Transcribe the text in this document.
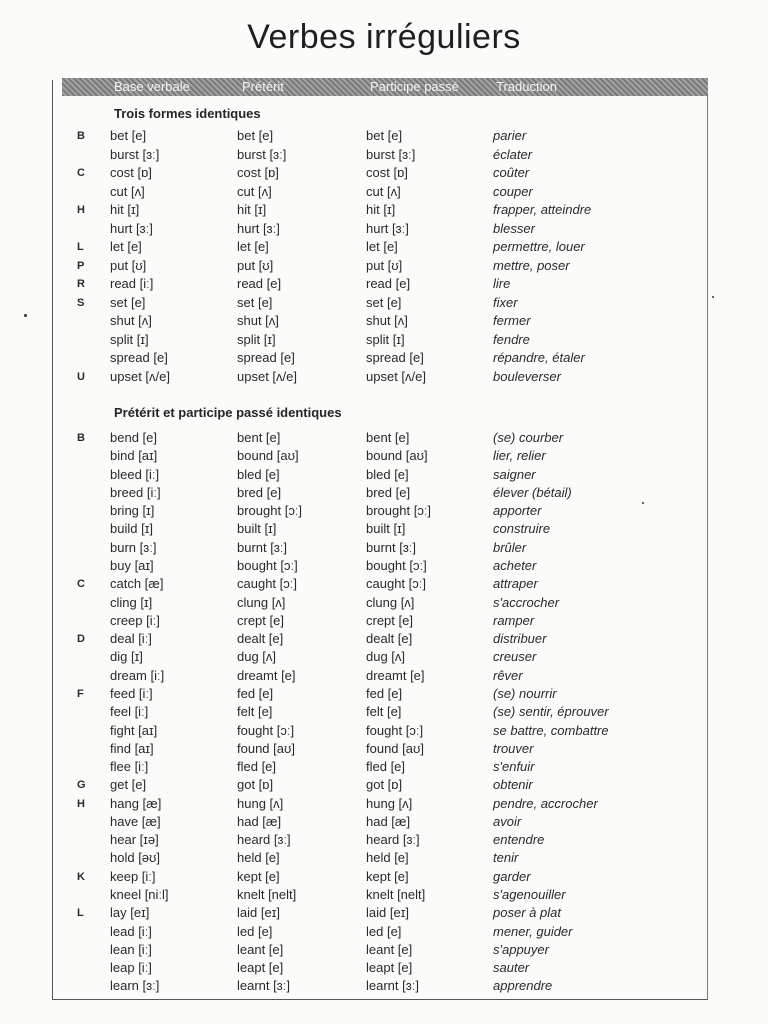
Verbes irréguliers
Base verbale	Prétérit	Participe passé	Traduction
Trois formes identiques
B bet [e]	bet [e]	bet [e]	parier
burst [ɜː]	burst [ɜː]	burst [ɜː]	éclater
C cost [ɒ]	cost [ɒ]	cost [ɒ]	coûter
cut [ʌ]	cut [ʌ]	cut [ʌ]	couper
H hit [ɪ]	hit [ɪ]	hit [ɪ]	frapper, atteindre
hurt [ɜː]	hurt [ɜː]	hurt [ɜː]	blesser
L let [e]	let [e]	let [e]	permettre, louer
P put [ʊ]	put [ʊ]	put [ʊ]	mettre, poser
R read [iː]	read [e]	read [e]	lire
S set [e]	set [e]	set [e]	fixer
shut [ʌ]	shut [ʌ]	shut [ʌ]	fermer
split [ɪ]	split [ɪ]	split [ɪ]	fendre
spread [e]	spread [e]	spread [e]	répandre, étaler
U upset [ʌ/e]	upset [ʌ/e]	upset [ʌ/e]	bouleverser
Prétérit et participe passé identiques
B bend [e]	bent [e]	bent [e]	(se) courber
bind [aɪ]	bound [aʊ]	bound [aʊ]	lier, relier
bleed [iː]	bled [e]	bled [e]	saigner
breed [iː]	bred [e]	bred [e]	élever (bétail)
bring [ɪ]	brought [ɔː]	brought [ɔː]	apporter
build [ɪ]	built [ɪ]	built [ɪ]	construire
burn [ɜː]	burnt [ɜː]	burnt [ɜː]	brûler
buy [aɪ]	bought [ɔː]	bought [ɔː]	acheter
C catch [æ]	caught [ɔː]	caught [ɔː]	attraper
cling [ɪ]	clung [ʌ]	clung [ʌ]	s'accrocher
creep [iː]	crept [e]	crept [e]	ramper
D deal [iː]	dealt [e]	dealt [e]	distribuer
dig [ɪ]	dug [ʌ]	dug [ʌ]	creuser
dream [iː]	dreamt [e]	dreamt [e]	rêver
F feed [iː]	fed [e]	fed [e]	(se) nourrir
feel [iː]	felt [e]	felt [e]	(se) sentir, éprouver
fight [aɪ]	fought [ɔː]	fought [ɔː]	se battre, combattre
find [aɪ]	found [aʊ]	found [aʊ]	trouver
flee [iː]	fled [e]	fled [e]	s'enfuir
G get [e]	got [ɒ]	got [ɒ]	obtenir
H hang [æ]	hung [ʌ]	hung [ʌ]	pendre, accrocher
have [æ]	had [æ]	had [æ]	avoir
hear [ɪə]	heard [ɜː]	heard [ɜː]	entendre
hold [əʊ]	held [e]	held [e]	tenir
K keep [iː]	kept [e]	kept [e]	garder
kneel [niːl]	knelt [nelt]	knelt [nelt]	s'agenouiller
L lay [eɪ]	laid [eɪ]	laid [eɪ]	poser à plat
lead [iː]	led [e]	led [e]	mener, guider
lean [iː]	leant [e]	leant [e]	s'appuyer
leap [iː]	leapt [e]	leapt [e]	sauter
learn [ɜː]	learnt [ɜː]	learnt [ɜː]	apprendre
